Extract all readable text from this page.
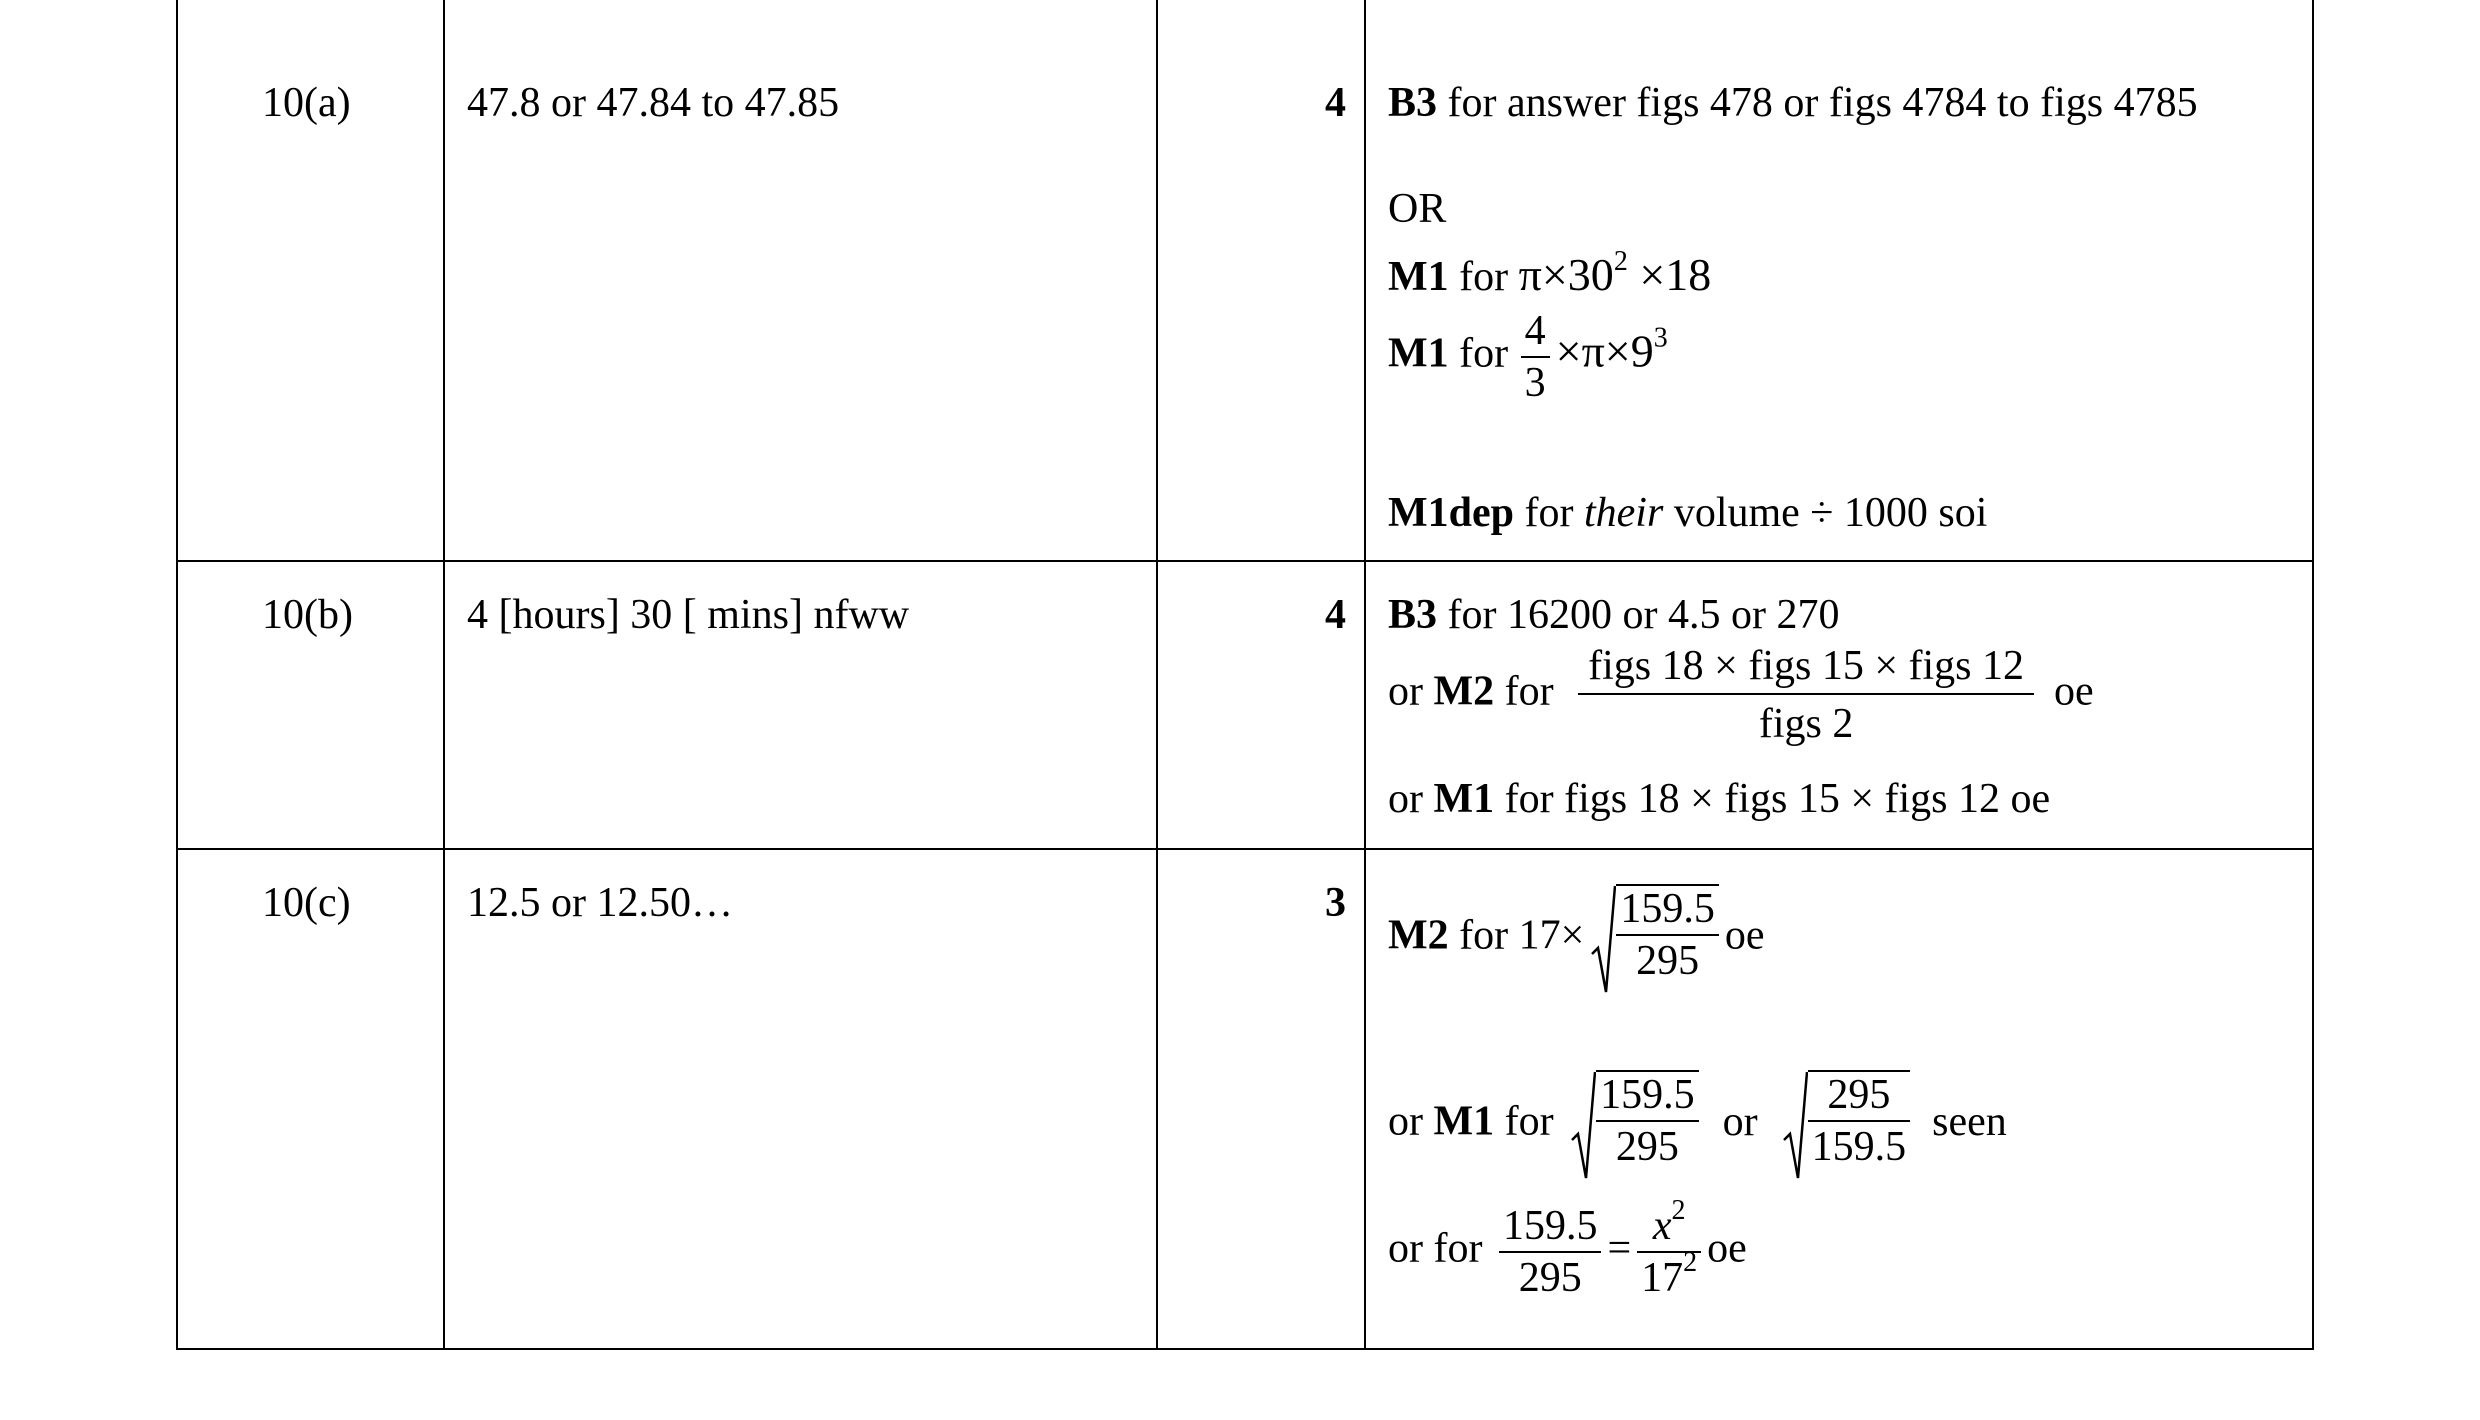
10(a)	47.8 or 47.84 to 47.85	4 B3 for answer figs 478 or figs 4784 to figs 4785
OR
M1 for $\pi\times 30^2 \times 18$
M1 for $\frac{4}{3} \times\pi\times 9^3$
M1dep for their volume ÷ 1000 soi
10(b)	4 [hours] 30 [ mins] nfww	4 B3 for 16200 or 4.5 or 270
or M2 for $\frac{\text{figs 18 × figs 15 × figs 12}}{\text{figs 2}}$ oe
or M1 for figs 18 × figs 15 × figs 12 oe
10(c)	12.5 or 12.50…	3
M2 for $17\times \frac{159.5}{295}$ oe
or M1 for $\frac{159.5}{295}$ or $\frac{295}{159.5}$ seen
or for $\frac{159.5}{295} = \frac{x^2}{17^2}$ oe
